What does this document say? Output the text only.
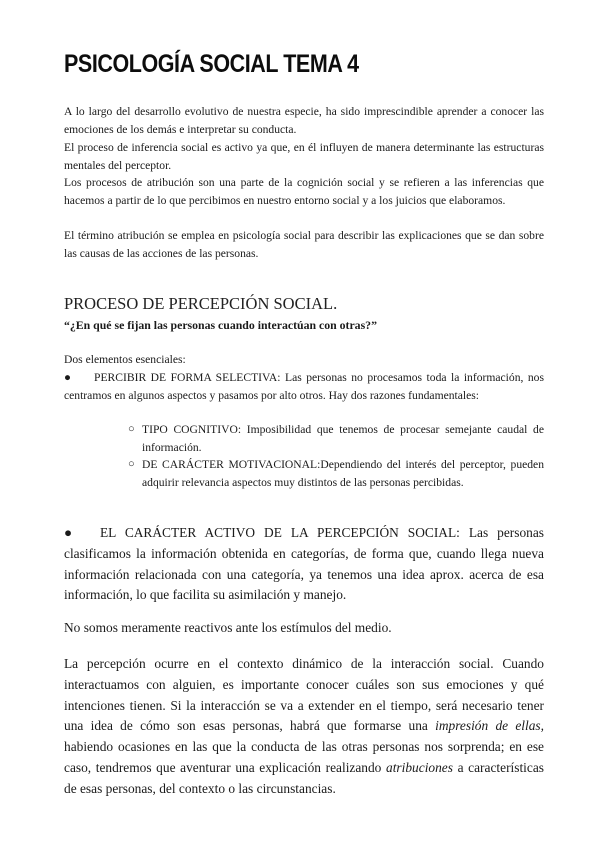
PSICOLOGÍA SOCIAL TEMA 4

A lo largo del desarrollo evolutivo de nuestra especie, ha sido imprescindible aprender a conocer las emociones de los demás e interpretar su conducta.

El proceso de inferencia social es activo ya que, en él influyen de manera determinante las estructuras mentales del perceptor.

Los procesos de atribución son una parte de la cognición social y se refieren a las inferencias que hacemos a partir de lo que percibimos en nuestro entorno social y a los juicios que elaboramos.

El término atribución se emplea en psicología social para describir las explicaciones que se dan sobre las causas de las acciones de las personas.

PROCESO DE PERCEPCIÓN SOCIAL.
“¿En qué se fijan las personas cuando interactúan con otras?”

Dos elementos esenciales:

● PERCIBIR DE FORMA SELECTIVA: Las personas no procesamos toda la información, nos centramos en algunos aspectos y pasamos por alto otros. Hay dos razones fundamentales:

○ TIPO COGNITIVO: Imposibilidad que tenemos de procesar semejante caudal de información.
○ DE CARÁCTER MOTIVACIONAL:Dependiendo del interés del perceptor, pueden adquirir relevancia aspectos muy distintos de las personas percibidas.

● EL CARÁCTER ACTIVO DE LA PERCEPCIÓN SOCIAL: Las personas clasificamos la información obtenida en categorías, de forma que, cuando llega nueva información relacionada con una categoría, ya tenemos una idea aprox. acerca de esa información, lo que facilita su asimilación y manejo.

No somos meramente reactivos ante los estímulos del medio.

La percepción ocurre en el contexto dinámico de la interacción social. Cuando interactuamos con alguien, es importante conocer cuáles son sus emociones y qué intenciones tienen. Si la interacción se va a extender en el tiempo, será necesario tener una idea de cómo son esas personas, habrá que formarse una impresión de ellas, habiendo ocasiones en las que la conducta de las otras personas nos sorprenda; en ese caso, tendremos que aventurar una explicación realizando atribuciones a características de esas personas, del contexto o las circunstancias.
